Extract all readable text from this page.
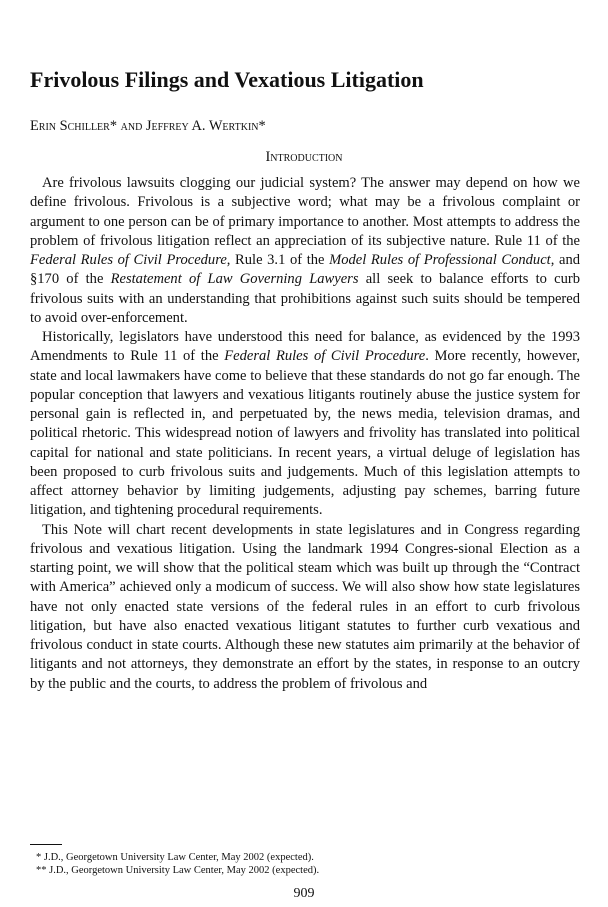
Frivolous Filings and Vexatious Litigation
Erin Schiller* and Jeffrey A. Wertkin*
Introduction

Are frivolous lawsuits clogging our judicial system? The answer may depend on how we define frivolous. Frivolous is a subjective word; what may be a frivolous complaint or argument to one person can be of primary importance to another. Most attempts to address the problem of frivolous litigation reflect an appreciation of its subjective nature. Rule 11 of the Federal Rules of Civil Procedure, Rule 3.1 of the Model Rules of Professional Conduct, and §170 of the Restatement of Law Governing Lawyers all seek to balance efforts to curb frivolous suits with an understanding that prohibitions against such suits should be tempered to avoid over-enforcement.

Historically, legislators have understood this need for balance, as evidenced by the 1993 Amendments to Rule 11 of the Federal Rules of Civil Procedure. More recently, however, state and local lawmakers have come to believe that these standards do not go far enough. The popular conception that lawyers and vexatious litigants routinely abuse the justice system for personal gain is reflected in, and perpetuated by, the news media, television dramas, and political rhetoric. This widespread notion of lawyers and frivolity has translated into political capital for national and state politicians. In recent years, a virtual deluge of legislation has been proposed to curb frivolous suits and judgements. Much of this legislation attempts to affect attorney behavior by limiting judgements, adjusting pay schemes, barring future litigation, and tightening procedural requirements.

This Note will chart recent developments in state legislatures and in Congress regarding frivolous and vexatious litigation. Using the landmark 1994 Congres-sional Election as a starting point, we will show that the political steam which was built up through the “Contract with America” achieved only a modicum of success. We will also show how state legislatures have not only enacted state versions of the federal rules in an effort to curb frivolous litigation, but have also enacted vexatious litigant statutes to further curb vexatious and frivolous conduct in state courts. Although these new statutes aim primarily at the behavior of litigants and not attorneys, they demonstrate an effort by the states, in response to an outcry by the public and the courts, to address the problem of frivolous and

* J.D., Georgetown University Law Center, May 2002 (expected).

** J.D., Georgetown University Law Center, May 2002 (expected).

909
